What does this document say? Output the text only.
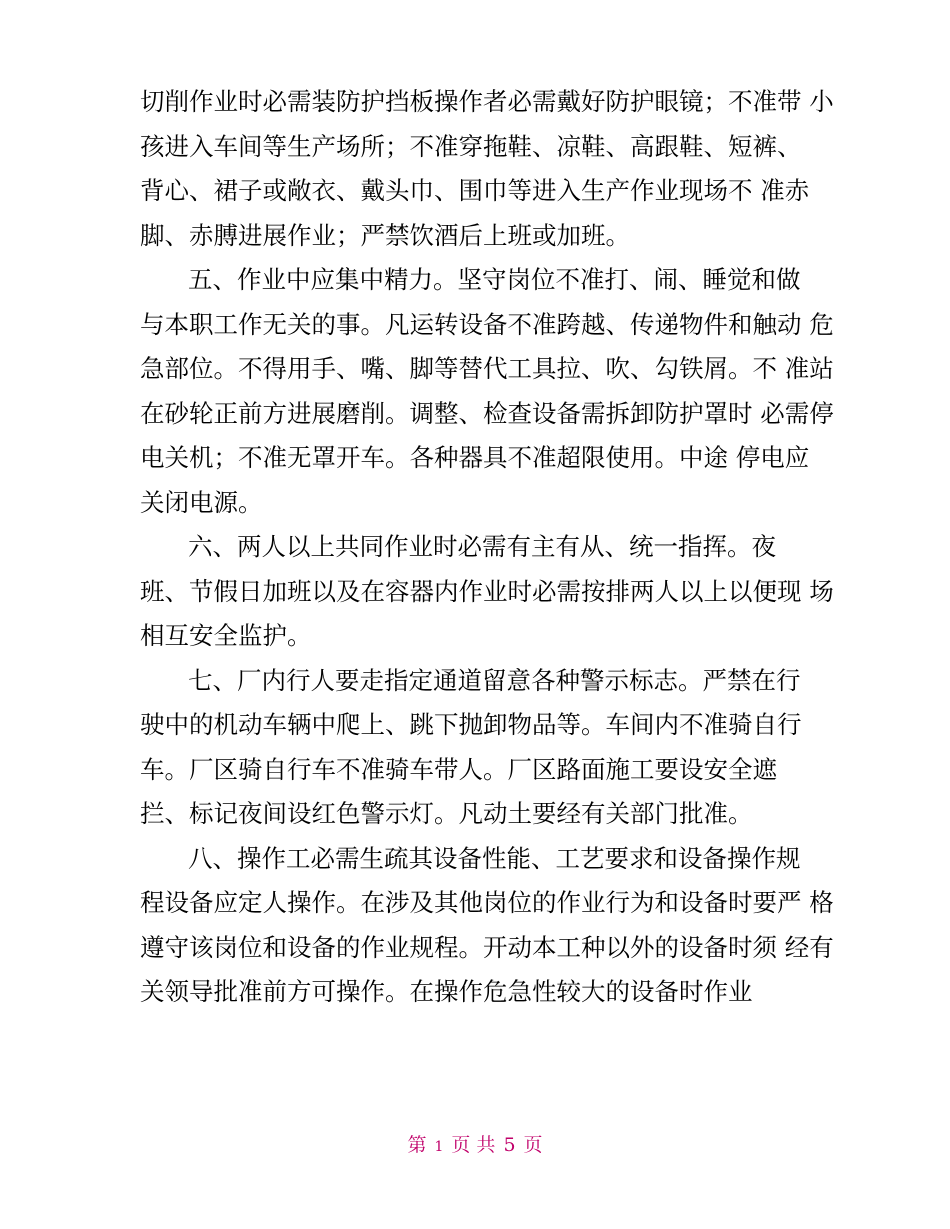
切削作业时必需装防护挡板操作者必需戴好防护眼镜；不准带 小
孩进入车间等生产场所；不准穿拖鞋、凉鞋、高跟鞋、短裤、
背心、裙子或敞衣、戴头巾、围巾等进入生产作业现场不 准赤
脚、赤膊进展作业；严禁饮酒后上班或加班。
五、作业中应集中精力。坚守岗位不准打、闹、睡觉和做
与本职工作无关的事。凡运转设备不准跨越、传递物件和触动 危
急部位。不得用手、嘴、脚等替代工具拉、吹、勾铁屑。不 准站
在砂轮正前方进展磨削。调整、检查设备需拆卸防护罩时 必需停
电关机；不准无罩开车。各种器具不准超限使用。中途 停电应
关闭电源。
六、两人以上共同作业时必需有主有从、统一指挥。夜
班、节假日加班以及在容器内作业时必需按排两人以上以便现 场
相互安全监护。
七、厂内行人要走指定通道留意各种警示标志。严禁在行
驶中的机动车辆中爬上、跳下抛卸物品等。车间内不准骑自行
车。厂区骑自行车不准骑车带人。厂区路面施工要设安全遮
拦、标记夜间设红色警示灯。凡动土要经有关部门批准。
八、操作工必需生疏其设备性能、工艺要求和设备操作规
程设备应定人操作。在涉及其他岗位的作业行为和设备时要严 格
遵守该岗位和设备的作业规程。开动本工种以外的设备时须 经有
关领导批准前方可操作。在操作危急性较大的设备时作业
第 1 页 共 5 页
